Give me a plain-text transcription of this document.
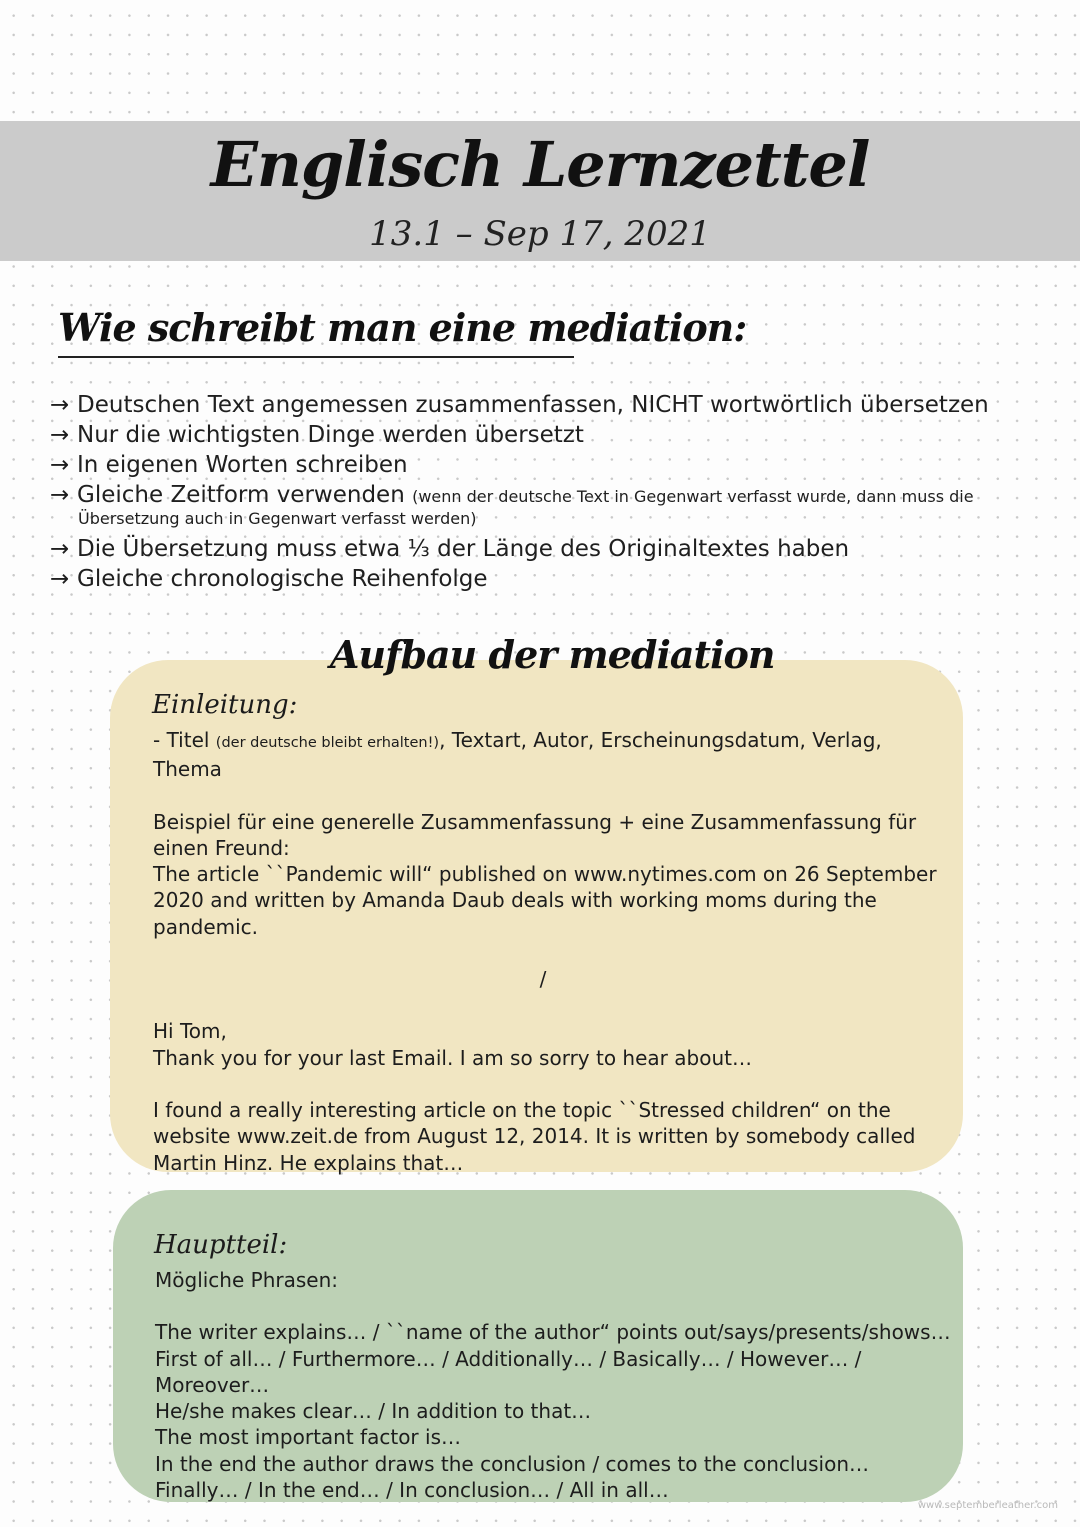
Englisch Lernzettel
13.1 – Sep 17, 2021
Wie schreibt man eine mediation:
→ Deutschen Text angemessen zusammenfassen, NICHT wortwörtlich übersetzen
→ Nur die wichtigsten Dinge werden übersetzt
→ In eigenen Worten schreiben
→ Gleiche Zeitform verwenden (wenn der deutsche Text in Gegenwart verfasst wurde, dann muss die
Übersetzung auch in Gegenwart verfasst werden)
→ Die Übersetzung muss etwa ⅓ der Länge des Originaltextes haben
→ Gleiche chronologische Reihenfolge
Aufbau der mediation
Einleitung:
- Titel (der deutsche bleibt erhalten!), Textart, Autor, Erscheinungsdatum, Verlag, Thema
Beispiel für eine generelle Zusammenfassung + eine Zusammenfassung für
einen Freund:
The article ``Pandemic will“ published on www.nytimes.com on 26 September
2020 and written by Amanda Daub deals with working moms during the
pandemic.
/
Hi Tom,
Thank you for your last Email. I am so sorry to hear about…
I found a really interesting article on the topic ``Stressed children“ on the
website www.zeit.de from August 12, 2014. It is written by somebody called
Martin Hinz. He explains that…
Hauptteil:
Mögliche Phrasen:
The writer explains… / ``name of the author“ points out/says/presents/shows…
First of all… / Furthermore… / Additionally… / Basically… / However… / Moreover…
He/she makes clear… / In addition to that…
The most important factor is…
In the end the author draws the conclusion / comes to the conclusion…
Finally… / In the end… / In conclusion… / All in all…
www.septemberleather.com
